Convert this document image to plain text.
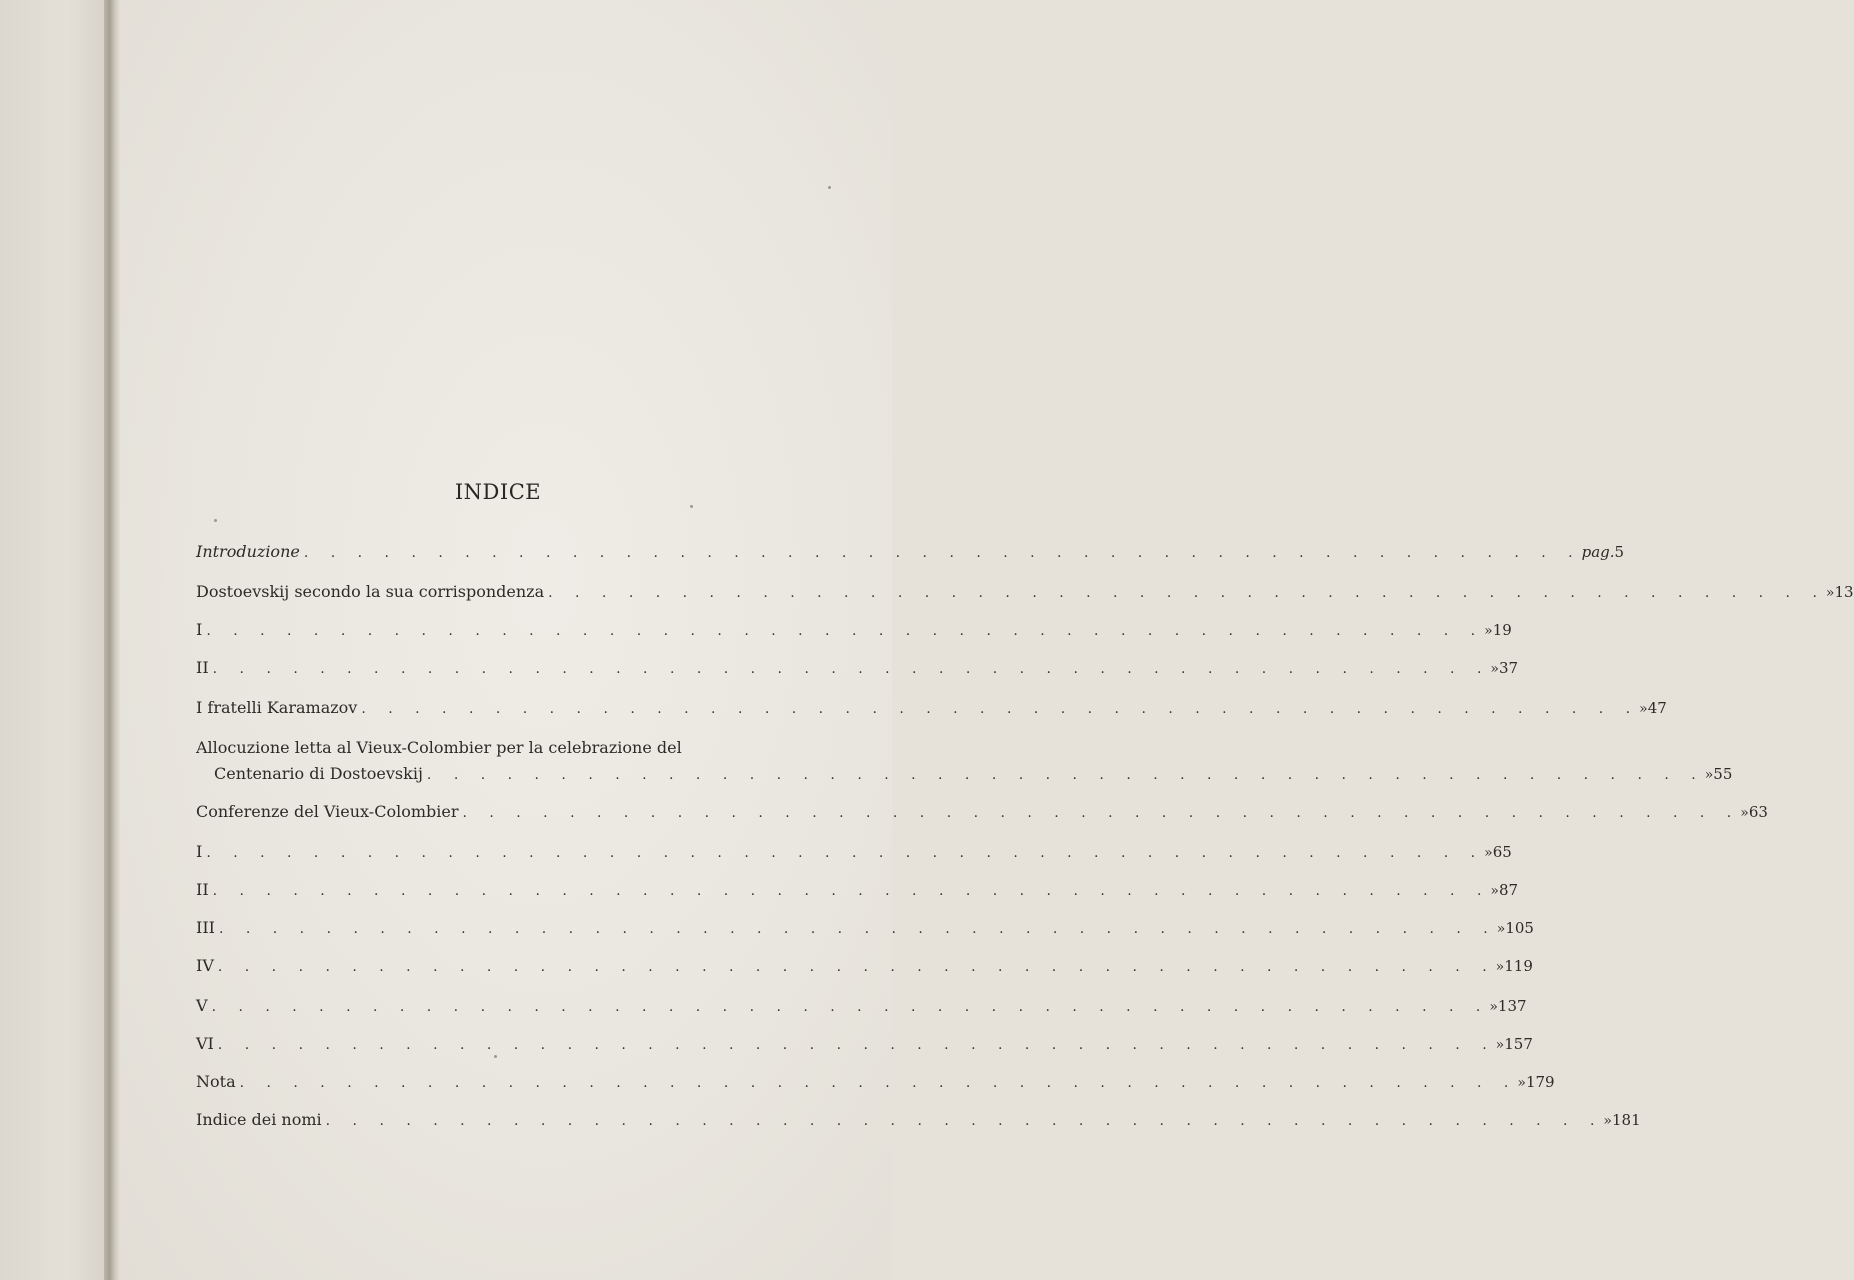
INDICE
Introduzione . . . . . . . . . . . . . . . . . . . . . . . . . . . . . . . . . . . . . . . . . . . . . . . . pag. 5
Dostoevskij secondo la sua corrispondenza . . . . . . . . . . . . . . . . . . . . . . . . . . . . . . . . . . . . . . . . . . . . . . . . » 13
I . . . . . . . . . . . . . . . . . . . . . . . . . . . . . . . . . . . . . . . . . . . . . . . . » 19
II . . . . . . . . . . . . . . . . . . . . . . . . . . . . . . . . . . . . . . . . . . . . . . . . » 37
I fratelli Karamazov . . . . . . . . . . . . . . . . . . . . . . . . . . . . . . . . . . . . . . . . . . . . . . . . » 47
Allocuzione letta al Vieux-Colombier per la celebrazione del
Centenario di Dostoevskij . . . . . . . . . . . . . . . . . . . . . . . . . . . . . . . . . . . . . . . . . . . . . . . . » 55
Conferenze del Vieux-Colombier . . . . . . . . . . . . . . . . . . . . . . . . . . . . . . . . . . . . . . . . . . . . . . . . » 63
I . . . . . . . . . . . . . . . . . . . . . . . . . . . . . . . . . . . . . . . . . . . . . . . . » 65
II . . . . . . . . . . . . . . . . . . . . . . . . . . . . . . . . . . . . . . . . . . . . . . . . » 87
III . . . . . . . . . . . . . . . . . . . . . . . . . . . . . . . . . . . . . . . . . . . . . . . . » 105
IV . . . . . . . . . . . . . . . . . . . . . . . . . . . . . . . . . . . . . . . . . . . . . . . . » 119
V . . . . . . . . . . . . . . . . . . . . . . . . . . . . . . . . . . . . . . . . . . . . . . . . » 137
VI . . . . . . . . . . . . . . . . . . . . . . . . . . . . . . . . . . . . . . . . . . . . . . . . » 157
Nota . . . . . . . . . . . . . . . . . . . . . . . . . . . . . . . . . . . . . . . . . . . . . . . . » 179
Indice dei nomi . . . . . . . . . . . . . . . . . . . . . . . . . . . . . . . . . . . . . . . . . . . . . . . . » 181
